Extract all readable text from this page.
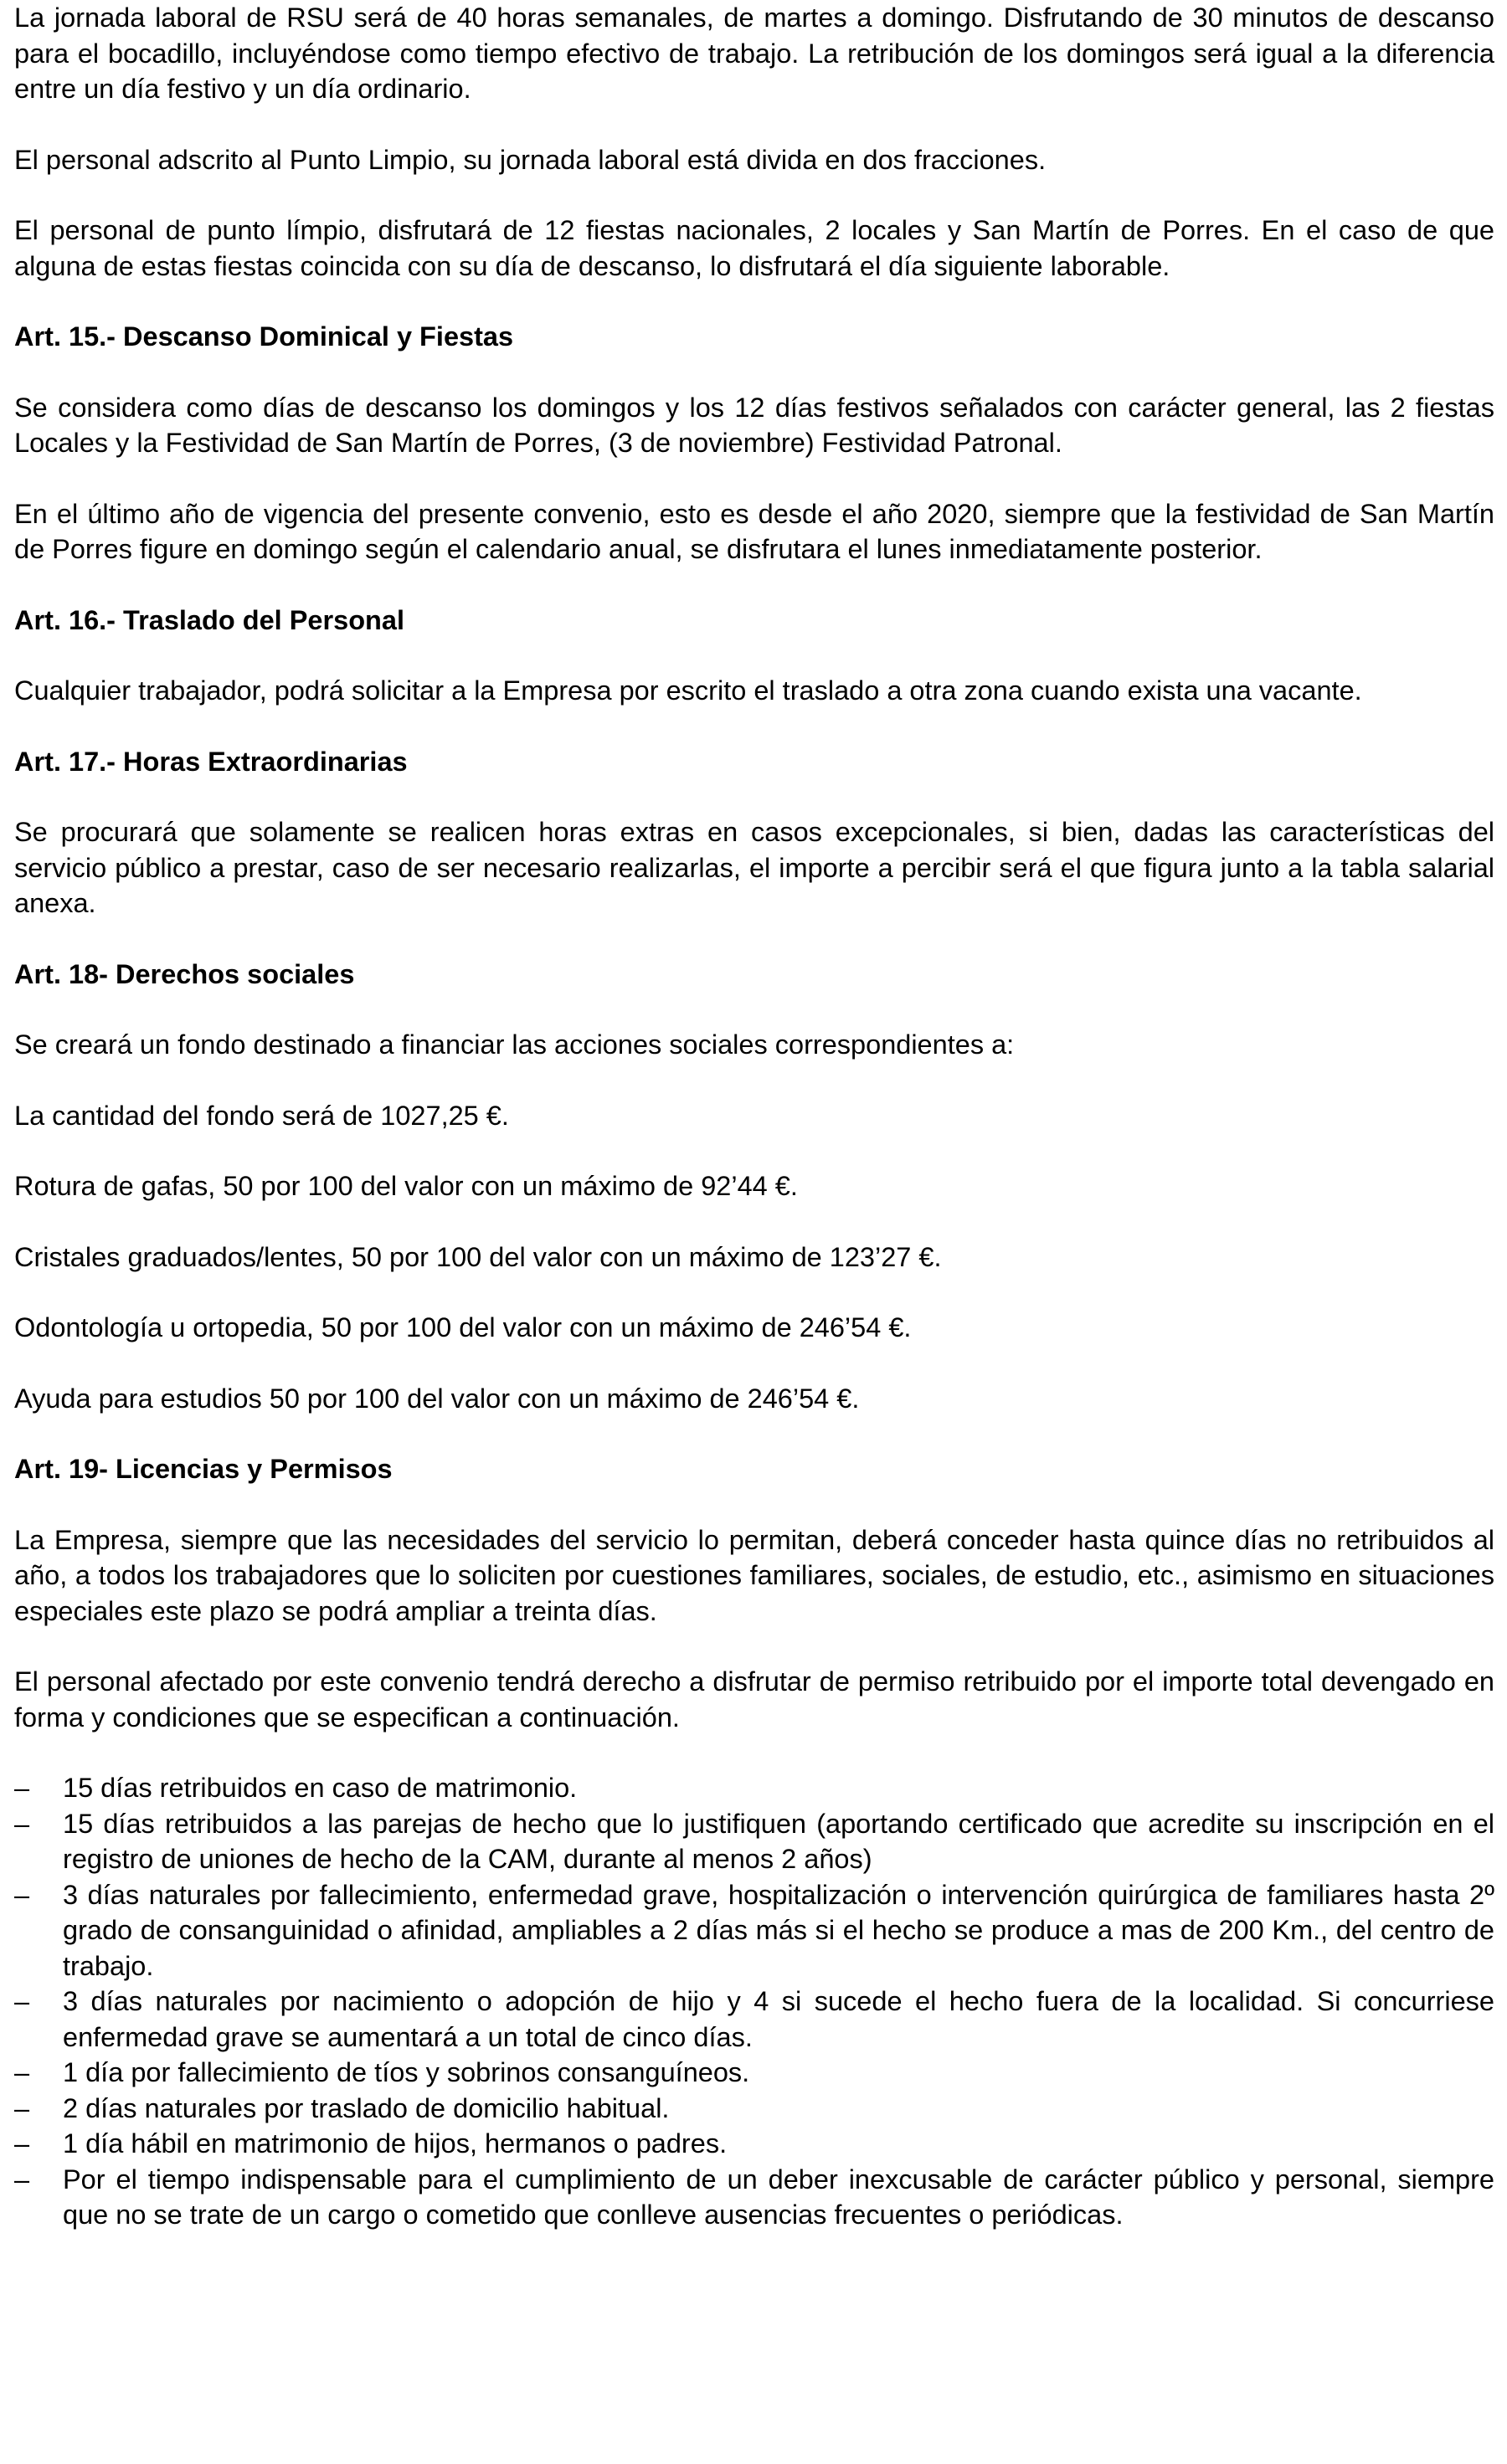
La jornada laboral de RSU será de 40 horas semanales, de martes a domingo. Disfrutando de 30 minutos de descanso para el bocadillo, incluyéndose como tiempo efectivo de trabajo. La retribución de los domingos será igual a la diferencia entre un día festivo y un día ordinario.

El personal adscrito al Punto Limpio, su jornada laboral está divida en dos fracciones.

El personal de punto límpio, disfrutará de 12 fiestas nacionales, 2 locales y San Martín de Porres. En el caso de que alguna de estas fiestas coincida con su día de descanso, lo disfrutará el día siguiente laborable.

Art. 15.- Descanso Dominical y Fiestas

Se considera como días de descanso los domingos y los 12 días festivos señalados con carácter general, las 2 fiestas Locales y la Festividad de San Martín de Porres, (3 de noviembre) Festividad Patronal.

En el último año de vigencia del presente convenio, esto es desde el año 2020, siempre que la festividad de San Martín de Porres figure en domingo según el calendario anual, se disfrutara el lunes inmediatamente posterior.

Art. 16.- Traslado del Personal

Cualquier trabajador, podrá solicitar a la Empresa por escrito el traslado a otra zona cuando exista una vacante.

Art. 17.- Horas Extraordinarias

Se procurará que solamente se realicen horas extras en casos excepcionales, si bien, dadas las características del servicio público a prestar, caso de ser necesario realizarlas, el importe a percibir será el que figura junto a la tabla salarial anexa.

Art. 18- Derechos sociales

Se creará un fondo destinado a financiar las acciones sociales correspondientes a:

La cantidad del fondo será de 1027,25 €.

Rotura de gafas, 50 por 100 del valor con un máximo de 92’44 €.

Cristales graduados/lentes, 50 por 100 del valor con un máximo de 123’27 €.

Odontología u ortopedia, 50 por 100 del valor con un máximo de 246’54 €.

Ayuda para estudios 50 por 100 del valor con un máximo de 246’54 €.

Art. 19- Licencias y Permisos

La Empresa, siempre que las necesidades del servicio lo permitan, deberá conceder hasta quince días no retribuidos al año, a todos los trabajadores que lo soliciten por cuestiones familiares, sociales, de estudio, etc., asimismo en situaciones especiales este plazo se podrá ampliar a treinta días.

El personal afectado por este convenio tendrá derecho a disfrutar de permiso retribuido por el importe total devengado en forma y condiciones que se especifican a continuación.

– 15 días retribuidos en caso de matrimonio.
– 15 días retribuidos a las parejas de hecho que lo justifiquen (aportando certificado que acredite su inscripción en el registro de uniones de hecho de la CAM, durante al menos 2 años)
– 3 días naturales por fallecimiento, enfermedad grave, hospitalización o intervención quirúrgica de familiares hasta 2º grado de consanguinidad o afinidad, ampliables a 2 días más si el hecho se produce a mas de 200 Km., del centro de trabajo.
– 3 días naturales por nacimiento o adopción de hijo y 4 si sucede el hecho fuera de la localidad. Si concurriese enfermedad grave se aumentará a un total de cinco días.
– 1 día por fallecimiento de tíos y sobrinos consanguíneos.
– 2 días naturales por traslado de domicilio habitual.
– 1 día hábil en matrimonio de hijos, hermanos o padres.
– Por el tiempo indispensable para el cumplimiento de un deber inexcusable de carácter público y personal, siempre que no se trate de un cargo o cometido que conlleve ausencias frecuentes o periódicas.
